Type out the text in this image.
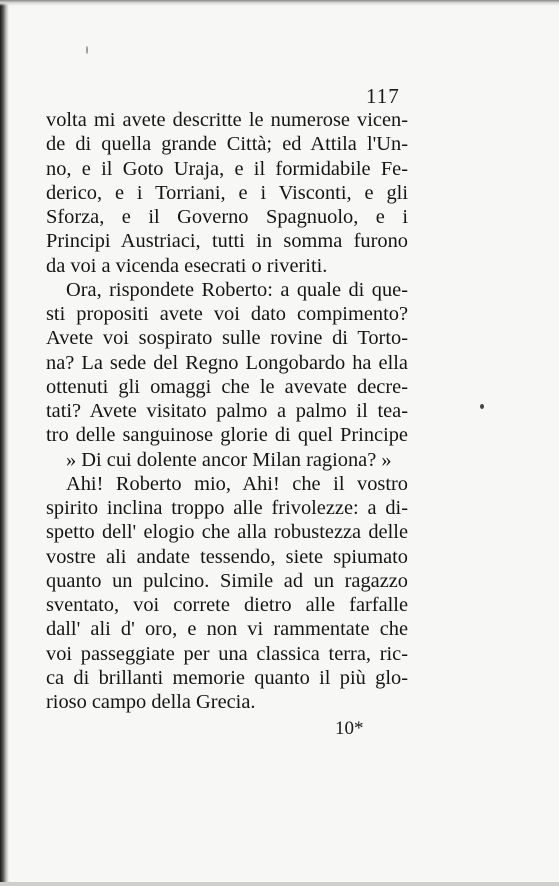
117
volta mi avete descritte le numerose vicen-
de di quella grande Città; ed Attila l'Un-
no, e il Goto Uraja, e il formidabile Fe-
derico, e i Torriani, e i Visconti, e gli
Sforza, e il Governo Spagnuolo, e i
Principi Austriaci, tutti in somma furono
da voi a vicenda esecrati o riveriti.
Ora, rispondete Roberto: a quale di que-
sti propositi avete voi dato compimento?
Avete voi sospirato sulle rovine di Torto-
na? La sede del Regno Longobardo ha ella
ottenuti gli omaggi che le avevate decre-
tati? Avete visitato palmo a palmo il tea-
tro delle sanguinose glorie di quel Principe
» Di cui dolente ancor Milan ragiona? »
Ahi! Roberto mio, Ahi! che il vostro
spirito inclina troppo alle frivolezze: a di-
spetto dell' elogio che alla robustezza delle
vostre ali andate tessendo, siete spiumato
quanto un pulcino. Simile ad un ragazzo
sventato, voi correte dietro alle farfalle
dall' ali d' oro, e non vi rammentate che
voi passeggiate per una classica terra, ric-
ca di brillanti memorie quanto il più glo-
rioso campo della Grecia.
10*
